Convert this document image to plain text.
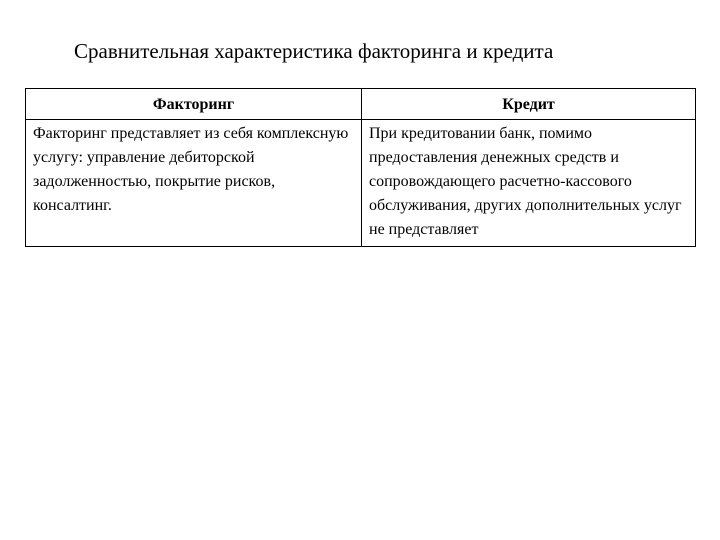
Сравнительная характеристика факторинга и кредита
Факторинг	Кредит
Факторинг представляет из себя комплексную услугу: управление дебиторской задолженностью, покрытие рисков, консалтинг.	При кредитовании банк, помимо предоставления денежных средств и сопровождающего расчетно-кассового обслуживания, других дополнительных услуг не представляет
